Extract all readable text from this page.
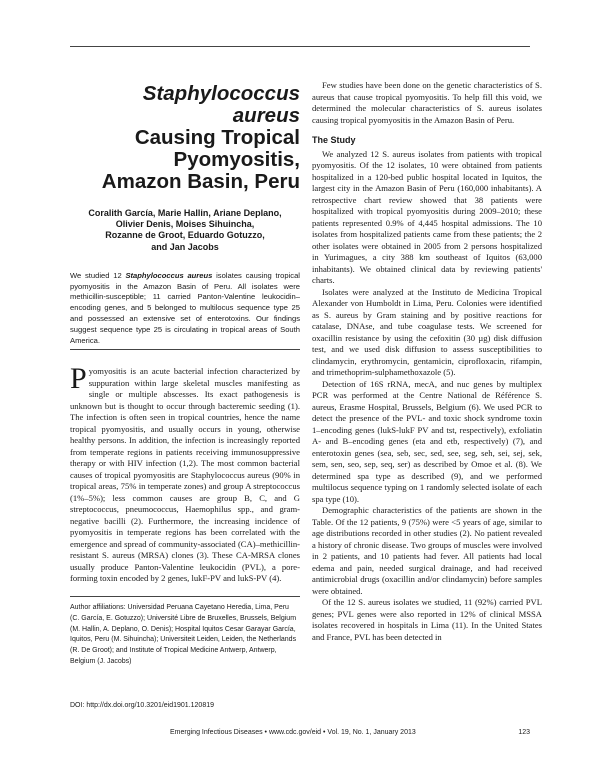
Staphylococcus
aureus
Causing Tropical
Pyomyositis,
Amazon Basin, Peru
Coralith García, Marie Hallin, Ariane Deplano,
Olivier Denis, Moises Sihuincha,
Rozanne de Groot, Eduardo Gotuzzo,
and Jan Jacobs
We studied 12 Staphylococcus aureus isolates causing tropical pyomyositis in the Amazon Basin of Peru. All isolates were methicillin-susceptible; 11 carried Panton-Valentine leukocidin–encoding genes, and 5 belonged to multilocus sequence type 25 and possessed an extensive set of enterotoxins. Our findings suggest sequence type 25 is circulating in tropical areas of South America.
Pyomyositis is an acute bacterial infection characterized by suppuration within large skeletal muscles manifesting as single or multiple abscesses. Its exact pathogenesis is unknown but is thought to occur through bacteremic seeding (1). The infection is often seen in tropical countries, hence the name tropical pyomyositis, and usually occurs in young, otherwise healthy persons. In addition, the infection is increasingly reported from temperate regions in patients receiving immunosuppressive therapy or with HIV infection (1,2). The most common bacterial causes of tropical pyomyositis are Staphylococcus aureus (90% in tropical areas, 75% in temperate zones) and group A streptococcus (1%–5%); less common causes are group B, C, and G streptococcus, pneumococcus, Haemophilus spp., and gram-negative bacilli (2). Furthermore, the increasing incidence of pyomyositis in temperate regions has been correlated with the emergence and spread of community-associated (CA)–methicillin-resistant S. aureus (MRSA) clones (3). These CA-MRSA clones usually produce Panton-Valentine leukocidin (PVL), a pore-forming toxin encoded by 2 genes, lukF-PV and lukS-PV (4).
Author affiliations: Universidad Peruana Cayetano Heredia, Lima, Peru (C. García, E. Gotuzzo); Université Libre de Bruxelles, Brussels, Belgium (M. Hallin, A. Deplano, O. Denis); Hospital Iquitos Cesar Garayar García, Iquitos, Peru (M. Sihuincha); Universiteit Leiden, Leiden, the Netherlands (R. De Groot); and Institute of Tropical Medicine Antwerp, Antwerp, Belgium (J. Jacobs)
DOI: http://dx.doi.org/10.3201/eid1901.120819

Few studies have been done on the genetic characteristics of S. aureus that cause tropical pyomyositis. To help fill this void, we determined the molecular characteristics of S. aureus isolates causing tropical pyomyositis in the Amazon Basin of Peru.

The Study

We analyzed 12 S. aureus isolates from patients with tropical pyomyositis. Of the 12 isolates, 10 were obtained from patients hospitalized in a 120-bed public hospital located in Iquitos, the largest city in the Amazon Basin of Peru (160,000 inhabitants). A retrospective chart review showed that 38 patients were hospitalized with tropical pyomyositis during 2009–2010; these patients represented 0.9% of 4,445 hospital admissions. The 10 isolates from hospitalized patients came from these patients; the 2 other isolates were obtained in 2005 from 2 persons hospitalized in Yurimagues, a city 388 km southeast of Iquitos (63,000 inhabitants). We obtained clinical data by reviewing patients' charts.

Isolates were analyzed at the Instituto de Medicina Tropical Alexander von Humboldt in Lima, Peru. Colonies were identified as S. aureus by Gram staining and by positive reactions for catalase, DNAse, and tube coagulase tests. We screened for oxacillin resistance by using the cefoxitin (30 µg) disk diffusion test, and we used disk diffusion to assess susceptibilities to clindamycin, erythromycin, gentamicin, ciprofloxacin, rifampin, and trimethoprim-sulphamethoxazole (5).

Detection of 16S rRNA, mecA, and nuc genes by multiplex PCR was performed at the Centre National de Référence S. aureus, Erasme Hospital, Brussels, Belgium (6). We used PCR to detect the presence of the PVL- and toxic shock syndrome toxin 1–encoding genes (lukS-lukF PV and tst, respectively), exfoliatin A- and B–encoding genes (eta and etb, respectively) (7), and enterotoxin genes (sea, seb, sec, sed, see, seg, seh, sei, sej, sek, sem, sen, seo, sep, seq, ser) as described by Omoe et al. (8). We determined spa type as described (9), and we performed multilocus sequence typing on 1 randomly selected isolate of each spa type (10).

Demographic characteristics of the patients are shown in the Table. Of the 12 patients, 9 (75%) were <5 years of age, similar to age distributions recorded in other studies (2). No patient revealed a history of chronic disease. Two groups of muscles were involved in 2 patients, and 10 patients had fever. All patients had local edema and pain, needed surgical drainage, and had received antimicrobial drugs (oxacillin and/or clindamycin) before samples were obtained.

Of the 12 S. aureus isolates we studied, 11 (92%) carried PVL genes; PVL genes were also reported in 12% of clinical MSSA isolates recovered in hospitals in Lima (11). In the United States and France, PVL has been detected in

Emerging Infectious Diseases • www.cdc.gov/eid • Vol. 19, No. 1, January 2013	123
